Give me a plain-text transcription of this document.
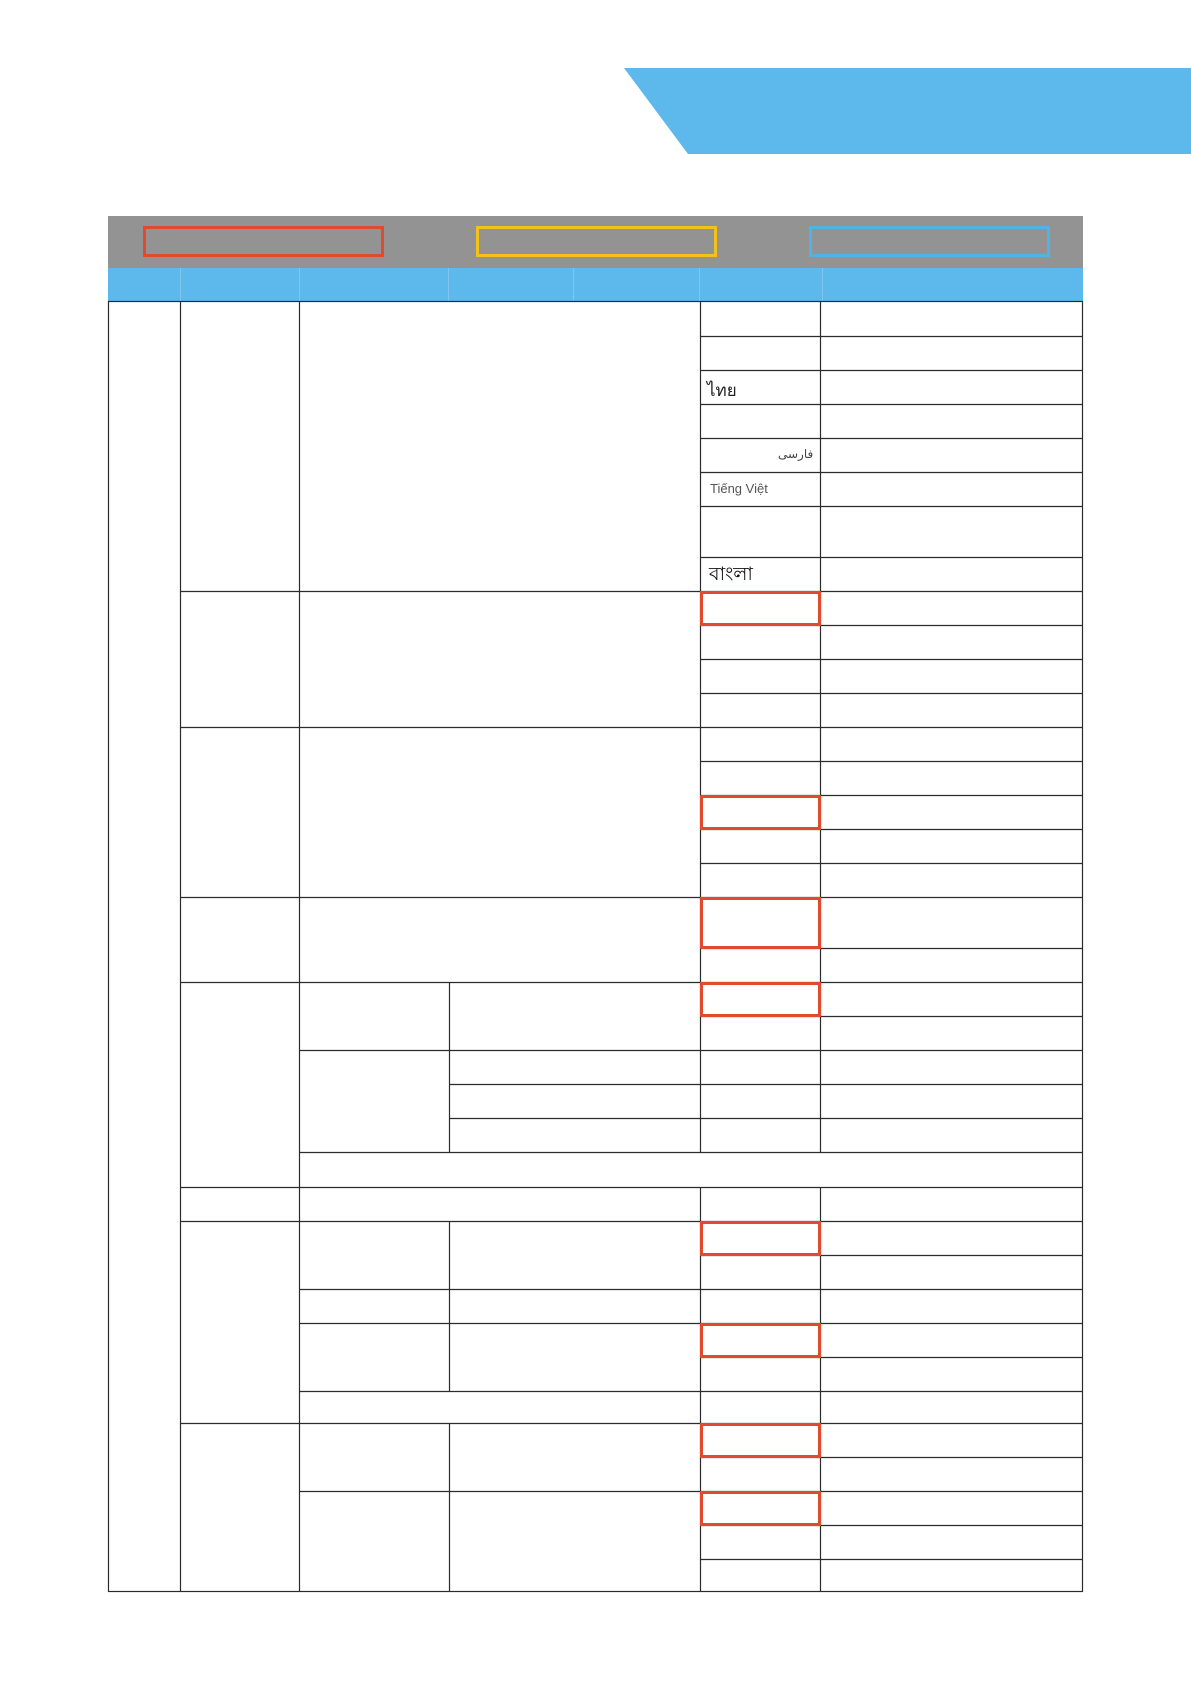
ไทย
فارسی
Tiếng Việt
বাংলা
